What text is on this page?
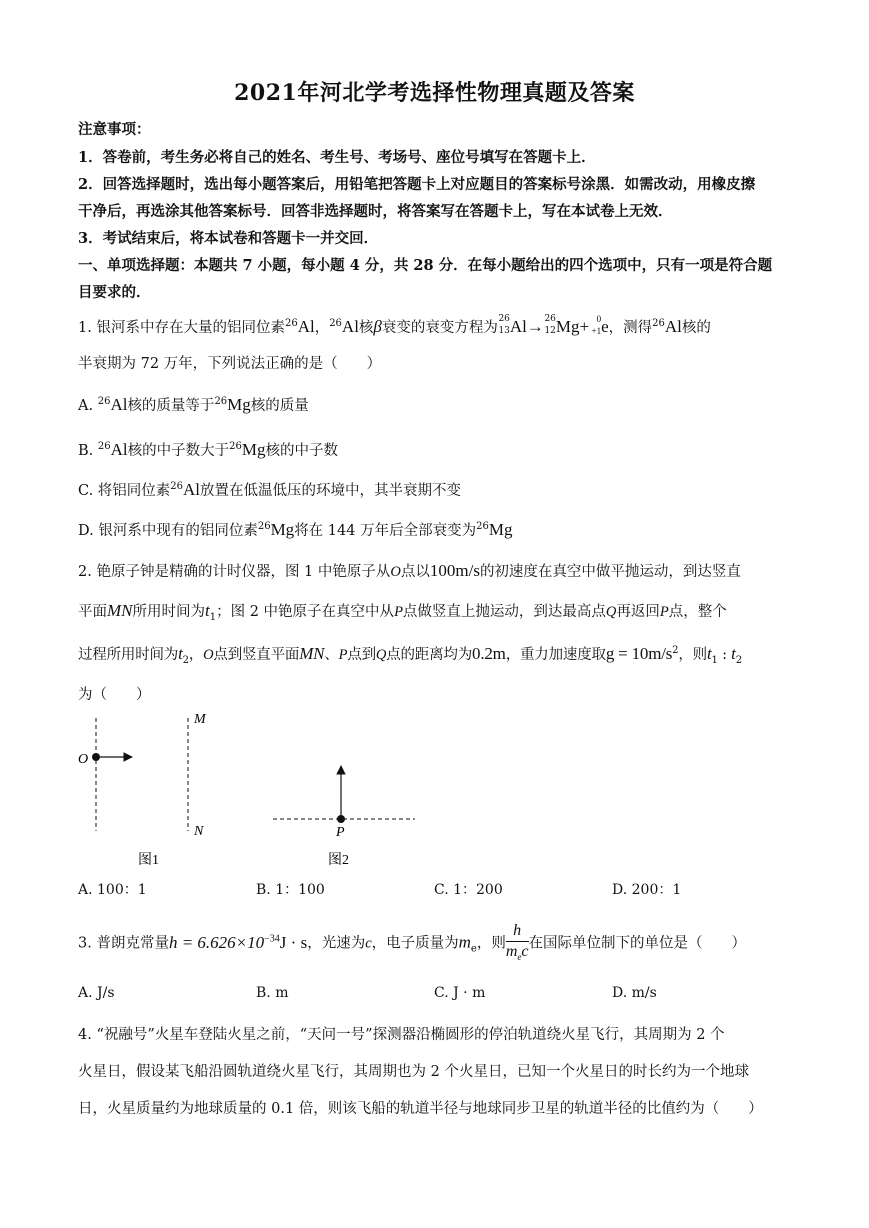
2021年河北学考选择性物理真题及答案
注意事项：
1．答卷前，考生务必将自己的姓名、考生号、考场号、座位号填写在答题卡上．
2．回答选择题时，选出每小题答案后，用铅笔把答题卡上对应题目的答案标号涂黑．如需改动，用橡皮擦
干净后，再选涂其他答案标号．回答非选择题时，将答案写在答题卡上，写在本试卷上无效．
3．考试结束后，将本试卷和答题卡一并交回．
一、单项选择题：本题共 7 小题，每小题 4 分，共 28 分．在每小题给出的四个选项中，只有一项是符合题
目要求的．
1. 银河系中存在大量的铝同位素$^{26}$Al，$^{26}$Al核β衰变的衰变方程为
26
13 Al→ 26
12 Mg+ 0
+1 e，测得$^{26}$Al核的
半衰期为 72 万年，下列说法正确的是（　　）
A. $^{26}$Al核的质量等于$^{26}$Mg核的质量
B. $^{26}$Al核的中子数大于$^{26}$Mg核的中子数
C. 将铝同位素$^{26}$Al放置在低温低压的环境中，其半衰期不变
D. 银河系中现有的铝同位素$^{26}$Mg将在 144 万年后全部衰变为$^{26}$Mg
2. 铯原子钟是精确的计时仪器，图 1 中铯原子从O点以100m/s的初速度在真空中做平抛运动，到达竖直
平面MN所用时间为$t_1$；图 2 中铯原子在真空中从P点做竖直上抛运动，到达最高点Q再返回P点，整个
过程所用时间为$t_2$，O点到竖直平面MN、P点到Q点的距离均为0.2m，重力加速度取$g = 10m/s^2$，则$t_1$ : $t_2$
为（　　）
O
M
N	P
图1	图2
A. 100：1	B. 1：100	C. 1：200	D. 200：1
3. 普朗克常量$h = 6.626\times 10^{-34}J \cdot s$，光速为c，电子质量为$m_e$，则 $\frac{h}{m_ec}$ 在国际单位制下的单位是（　　）
A. J/s	B. m	C. J · m	D. m/s
4. “祝融号”火星车登陆火星之前，“天问一号”探测器沿椭圆形的停泊轨道绕火星飞行，其周期为 2 个
火星日，假设某飞船沿圆轨道绕火星飞行，其周期也为 2 个火星日，已知一个火星日的时长约为一个地球
日，火星质量约为地球质量的 0.1 倍，则该飞船的轨道半径与地球同步卫星的轨道半径的比值约为（　　）
